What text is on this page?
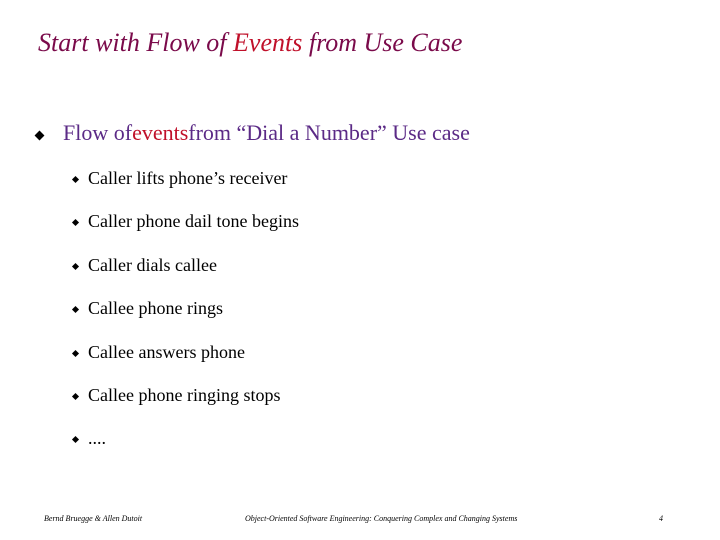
Start with Flow of Events from Use Case
Flow of events from “Dial a Number” Use case
Caller lifts phone’s receiver
Caller phone dail tone begins
Caller dials callee
Callee phone rings
Callee answers phone
Callee phone ringing stops
....
Bernd Bruegge & Allen Dutoit	Object-Oriented Software Engineering: Conquering Complex and Changing Systems	4
